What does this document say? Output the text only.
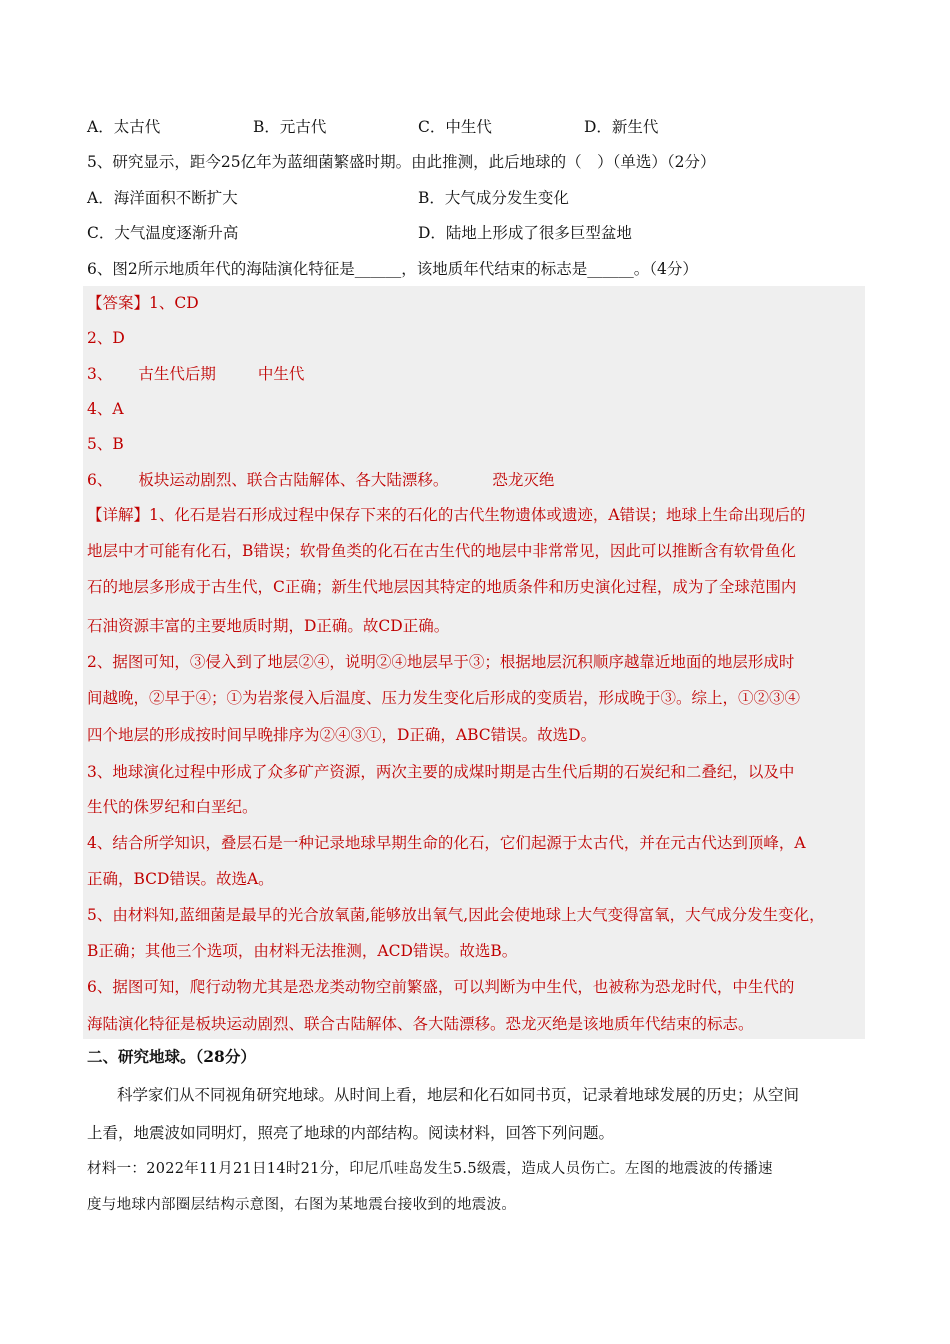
A．太古代	B．元古代	C．中生代	D．新生代
5、研究显示，距今25亿年为蓝细菌繁盛时期。由此推测，此后地球的（　）（单选）（2分）
A．海洋面积不断扩大	B．大气成分发生变化
C．大气温度逐渐升高	D．陆地上形成了很多巨型盆地
6、图2所示地质年代的海陆演化特征是______，该地质年代结束的标志是______。（4分）
【答案】1、CD
2、D
3、 古生代后期	中生代
4、A
5、B
6、 板块运动剧烈、联合古陆解体、各大陆漂移。	恐龙灭绝
【详解】1、化石是岩石形成过程中保存下来的石化的古代生物遗体或遗迹，A错误；地球上生命出现后的
地层中才可能有化石，B错误；软骨鱼类的化石在古生代的地层中非常常见，因此可以推断含有软骨鱼化
石的地层多形成于古生代，C正确；新生代地层因其特定的地质条件和历史演化过程，成为了全球范围内
石油资源丰富的主要地质时期，D正确。故CD正确。
2、据图可知，③侵入到了地层②④，说明②④地层早于③；根据地层沉积顺序越靠近地面的地层形成时
间越晚，②早于④；①为岩浆侵入后温度、压力发生变化后形成的变质岩，形成晚于③。综上，①②③④
四个地层的形成按时间早晚排序为②④③①，D正确，ABC错误。故选D。
3、地球演化过程中形成了众多矿产资源，两次主要的成煤时期是古生代后期的石炭纪和二叠纪，以及中
生代的侏罗纪和白垩纪。
4、结合所学知识，叠层石是一种记录地球早期生命的化石，它们起源于太古代，并在元古代达到顶峰，A
正确，BCD错误。故选A。
5、由材料知,蓝细菌是最早的光合放氧菌,能够放出氧气,因此会使地球上大气变得富氧，大气成分发生变化，
B正确；其他三个选项，由材料无法推测，ACD错误。故选B。
6、据图可知，爬行动物尤其是恐龙类动物空前繁盛，可以判断为中生代，也被称为恐龙时代，中生代的
海陆演化特征是板块运动剧烈、联合古陆解体、各大陆漂移。恐龙灭绝是该地质年代结束的标志。
二、研究地球。（28分）
科学家们从不同视角研究地球。从时间上看，地层和化石如同书页，记录着地球发展的历史；从空间
上看，地震波如同明灯，照亮了地球的内部结构。阅读材料，回答下列问题。
材料一：2022年11月21日14时21分，印尼爪哇岛发生5.5级震，造成人员伤亡。左图的地震波的传播速
度与地球内部圈层结构示意图，右图为某地震台接收到的地震波。
